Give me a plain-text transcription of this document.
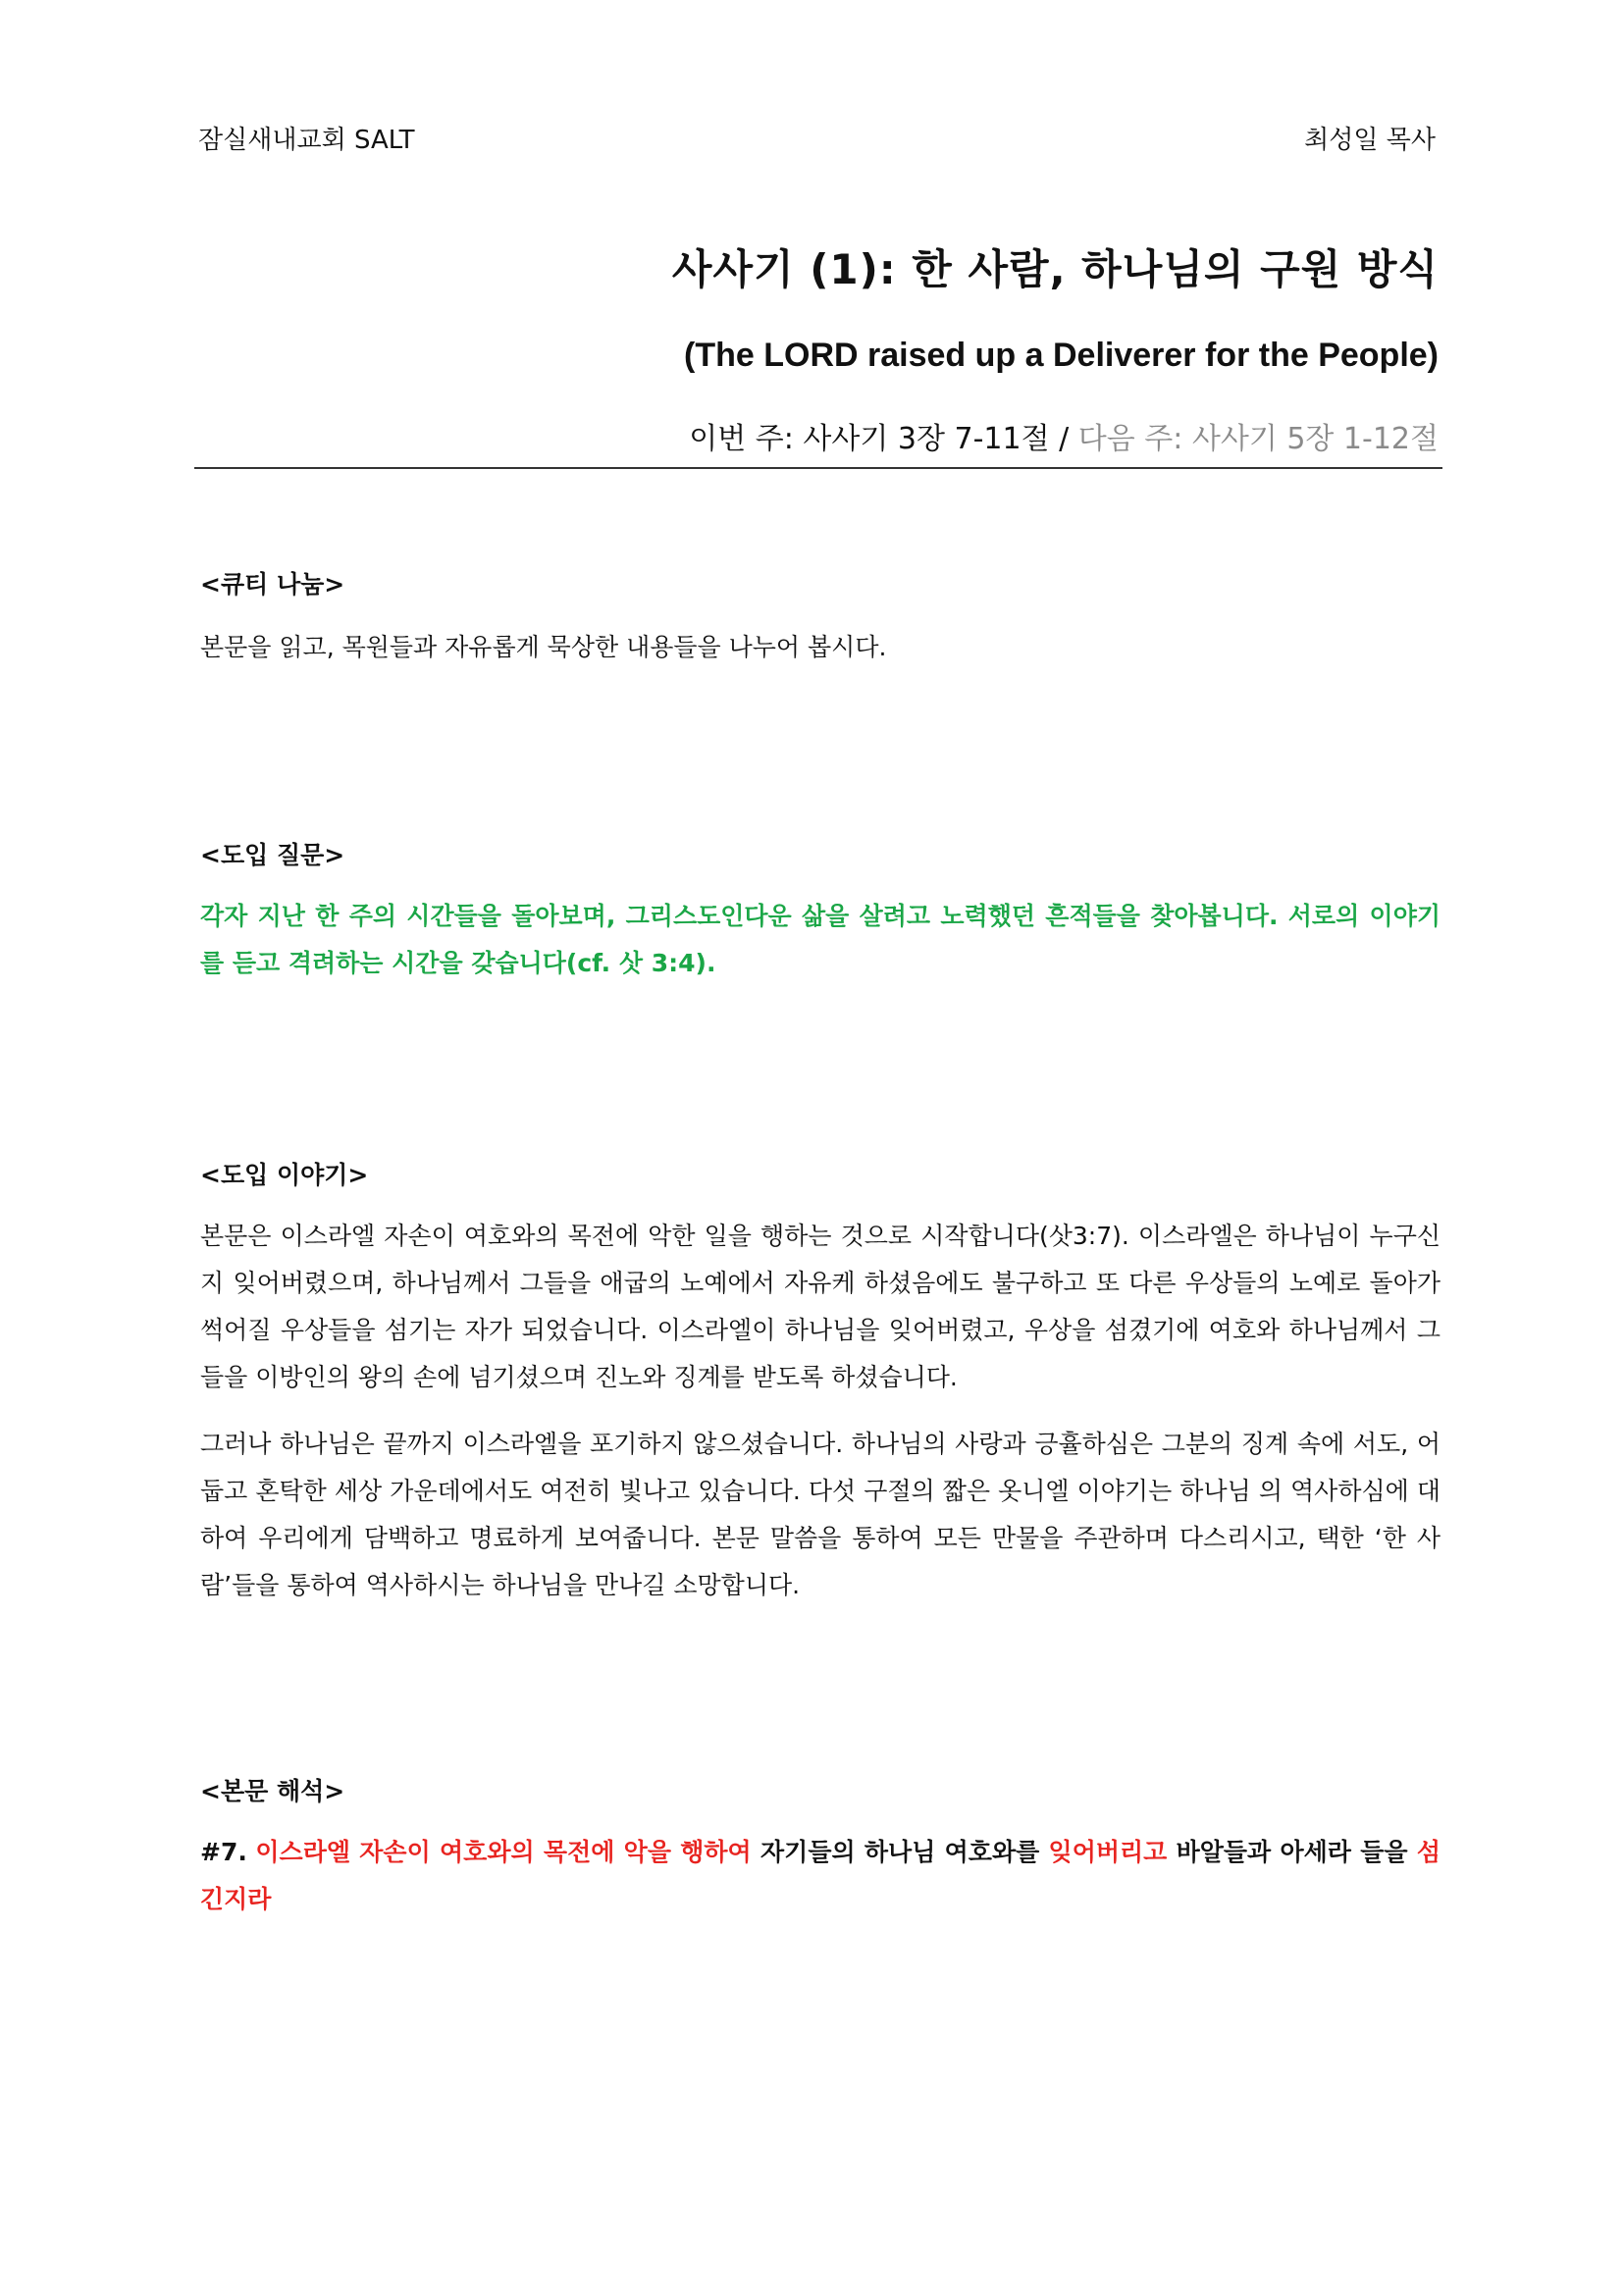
잠실새내교회 SALT	최성일 목사
사사기 (1): 한 사람, 하나님의 구원 방식
(The LORD raised up a Deliverer for the People)
이번 주: 사사기 3장 7-11절 / 다음 주: 사사기 5장 1-12절
<큐티 나눔>
본문을 읽고, 목원들과 자유롭게 묵상한 내용들을 나누어 봅시다.
<도입 질문>
각자 지난 한 주의 시간들을 돌아보며, 그리스도인다운 삶을 살려고 노력했던 흔적들을 찾아봅니다. 서로의 이야기를 듣고 격려하는 시간을 갖습니다(cf. 삿 3:4).
<도입 이야기>
본문은 이스라엘 자손이 여호와의 목전에 악한 일을 행하는 것으로 시작합니다(삿3:7). 이스라엘은 하나님이 누구신지 잊어버렸으며, 하나님께서 그들을 애굽의 노예에서 자유케 하셨음에도 불구하고 또 다른 우상들의 노예로 돌아가 썩어질 우상들을 섬기는 자가 되었습니다. 이스라엘이 하나님을 잊어버렸고, 우상을 섬겼기에 여호와 하나님께서 그들을 이방인의 왕의 손에 넘기셨으며 진노와 징계를 받도록 하셨습니다.
그러나 하나님은 끝까지 이스라엘을 포기하지 않으셨습니다. 하나님의 사랑과 긍휼하심은 그분의 징계 속에 서도, 어둡고 혼탁한 세상 가운데에서도 여전히 빛나고 있습니다. 다섯 구절의 짧은 옷니엘 이야기는 하나님 의 역사하심에 대하여 우리에게 담백하고 명료하게 보여줍니다. 본문 말씀을 통하여 모든 만물을 주관하며 다스리시고, 택한 ‘한 사람’들을 통하여 역사하시는 하나님을 만나길 소망합니다.
<본문 해석>
#7. 이스라엘 자손이 여호와의 목전에 악을 행하여 자기들의 하나님 여호와를 잊어버리고 바알들과 아세라 들을 섬긴지라
